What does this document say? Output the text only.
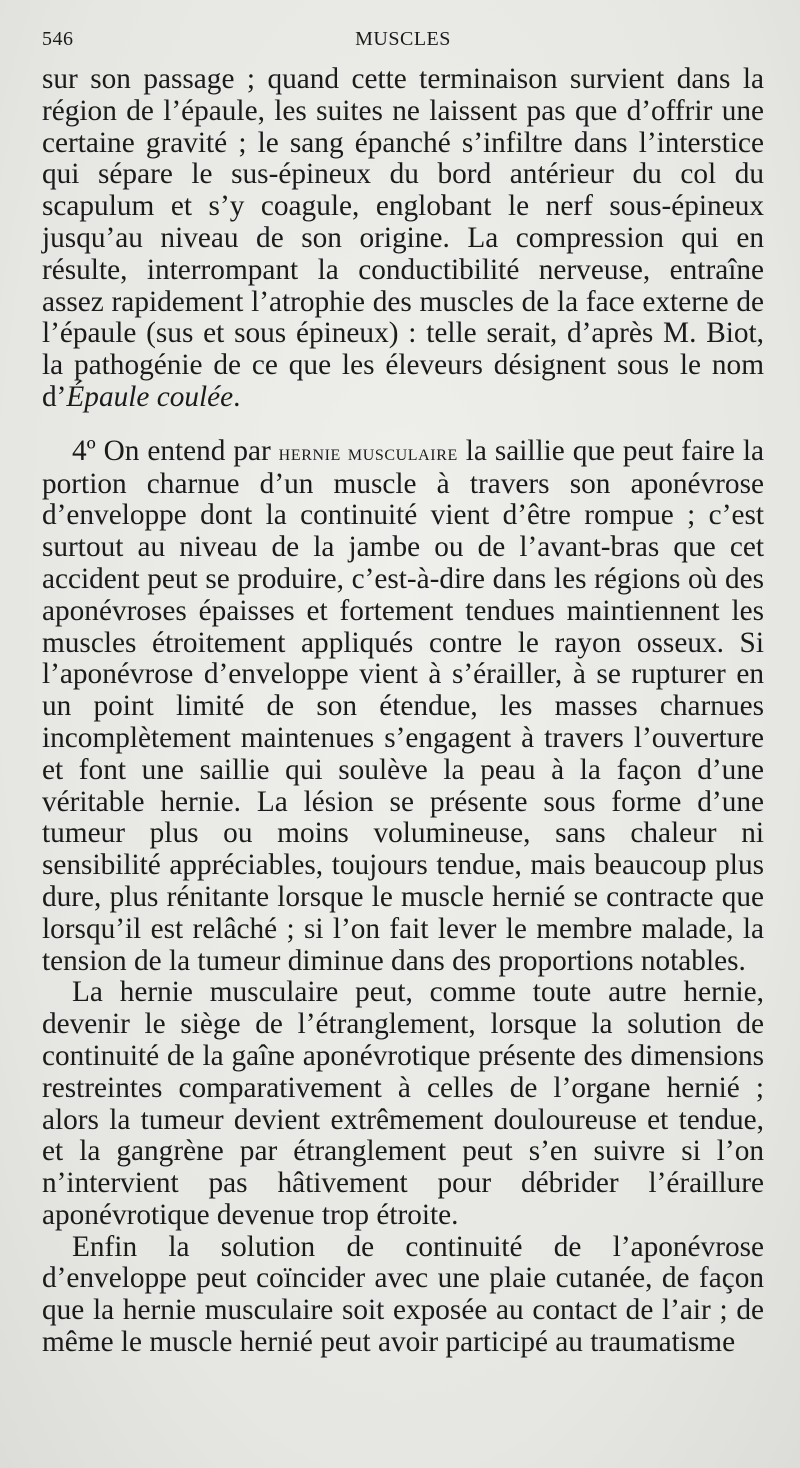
546	MUSCLES

sur son passage ; quand cette terminaison survient dans la région de l’épaule, les suites ne laissent pas que d’offrir une certaine gravité ; le sang épanché s’infiltre dans l’interstice qui sépare le sus-épineux du bord antérieur du col du scapulum et s’y coagule, englobant le nerf sous-épineux jusqu’au niveau de son origine. La compression qui en résulte, interrompant la conductibilité nerveuse, entraîne assez rapidement l’atrophie des muscles de la face externe de l’épaule (sus et sous épineux) : telle serait, d’après M. Biot, la pathogénie de ce que les éleveurs désignent sous le nom d’Épaule coulée.

4º On entend par hernie musculaire la saillie que peut faire la portion charnue d’un muscle à travers son aponévrose d’enveloppe dont la continuité vient d’être rompue ; c’est surtout au niveau de la jambe ou de l’avant-bras que cet accident peut se produire, c’est-à-dire dans les régions où des aponévroses épaisses et fortement tendues maintiennent les muscles étroitement appliqués contre le rayon osseux. Si l’aponévrose d’enveloppe vient à s’érailler, à se rupturer en un point limité de son étendue, les masses charnues incomplètement maintenues s’engagent à travers l’ouverture et font une saillie qui soulève la peau à la façon d’une véritable hernie. La lésion se présente sous forme d’une tumeur plus ou moins volumineuse, sans chaleur ni sensibilité appréciables, toujours tendue, mais beaucoup plus dure, plus rénitante lorsque le muscle hernié se contracte que lorsqu’il est relâché ; si l’on fait lever le membre malade, la tension de la tumeur diminue dans des proportions notables.

La hernie musculaire peut, comme toute autre hernie, devenir le siège de l’étranglement, lorsque la solution de continuité de la gaîne aponévrotique présente des dimensions restreintes comparativement à celles de l’organe hernié ; alors la tumeur devient extrêmement douloureuse et tendue, et la gangrène par étranglement peut s’en suivre si l’on n’intervient pas hâtivement pour débrider l’éraillure aponévrotique devenue trop étroite.

Enfin la solution de continuité de l’aponévrose d’enveloppe peut coïncider avec une plaie cutanée, de façon que la hernie musculaire soit exposée au contact de l’air ; de même le muscle hernié peut avoir participé au traumatisme
